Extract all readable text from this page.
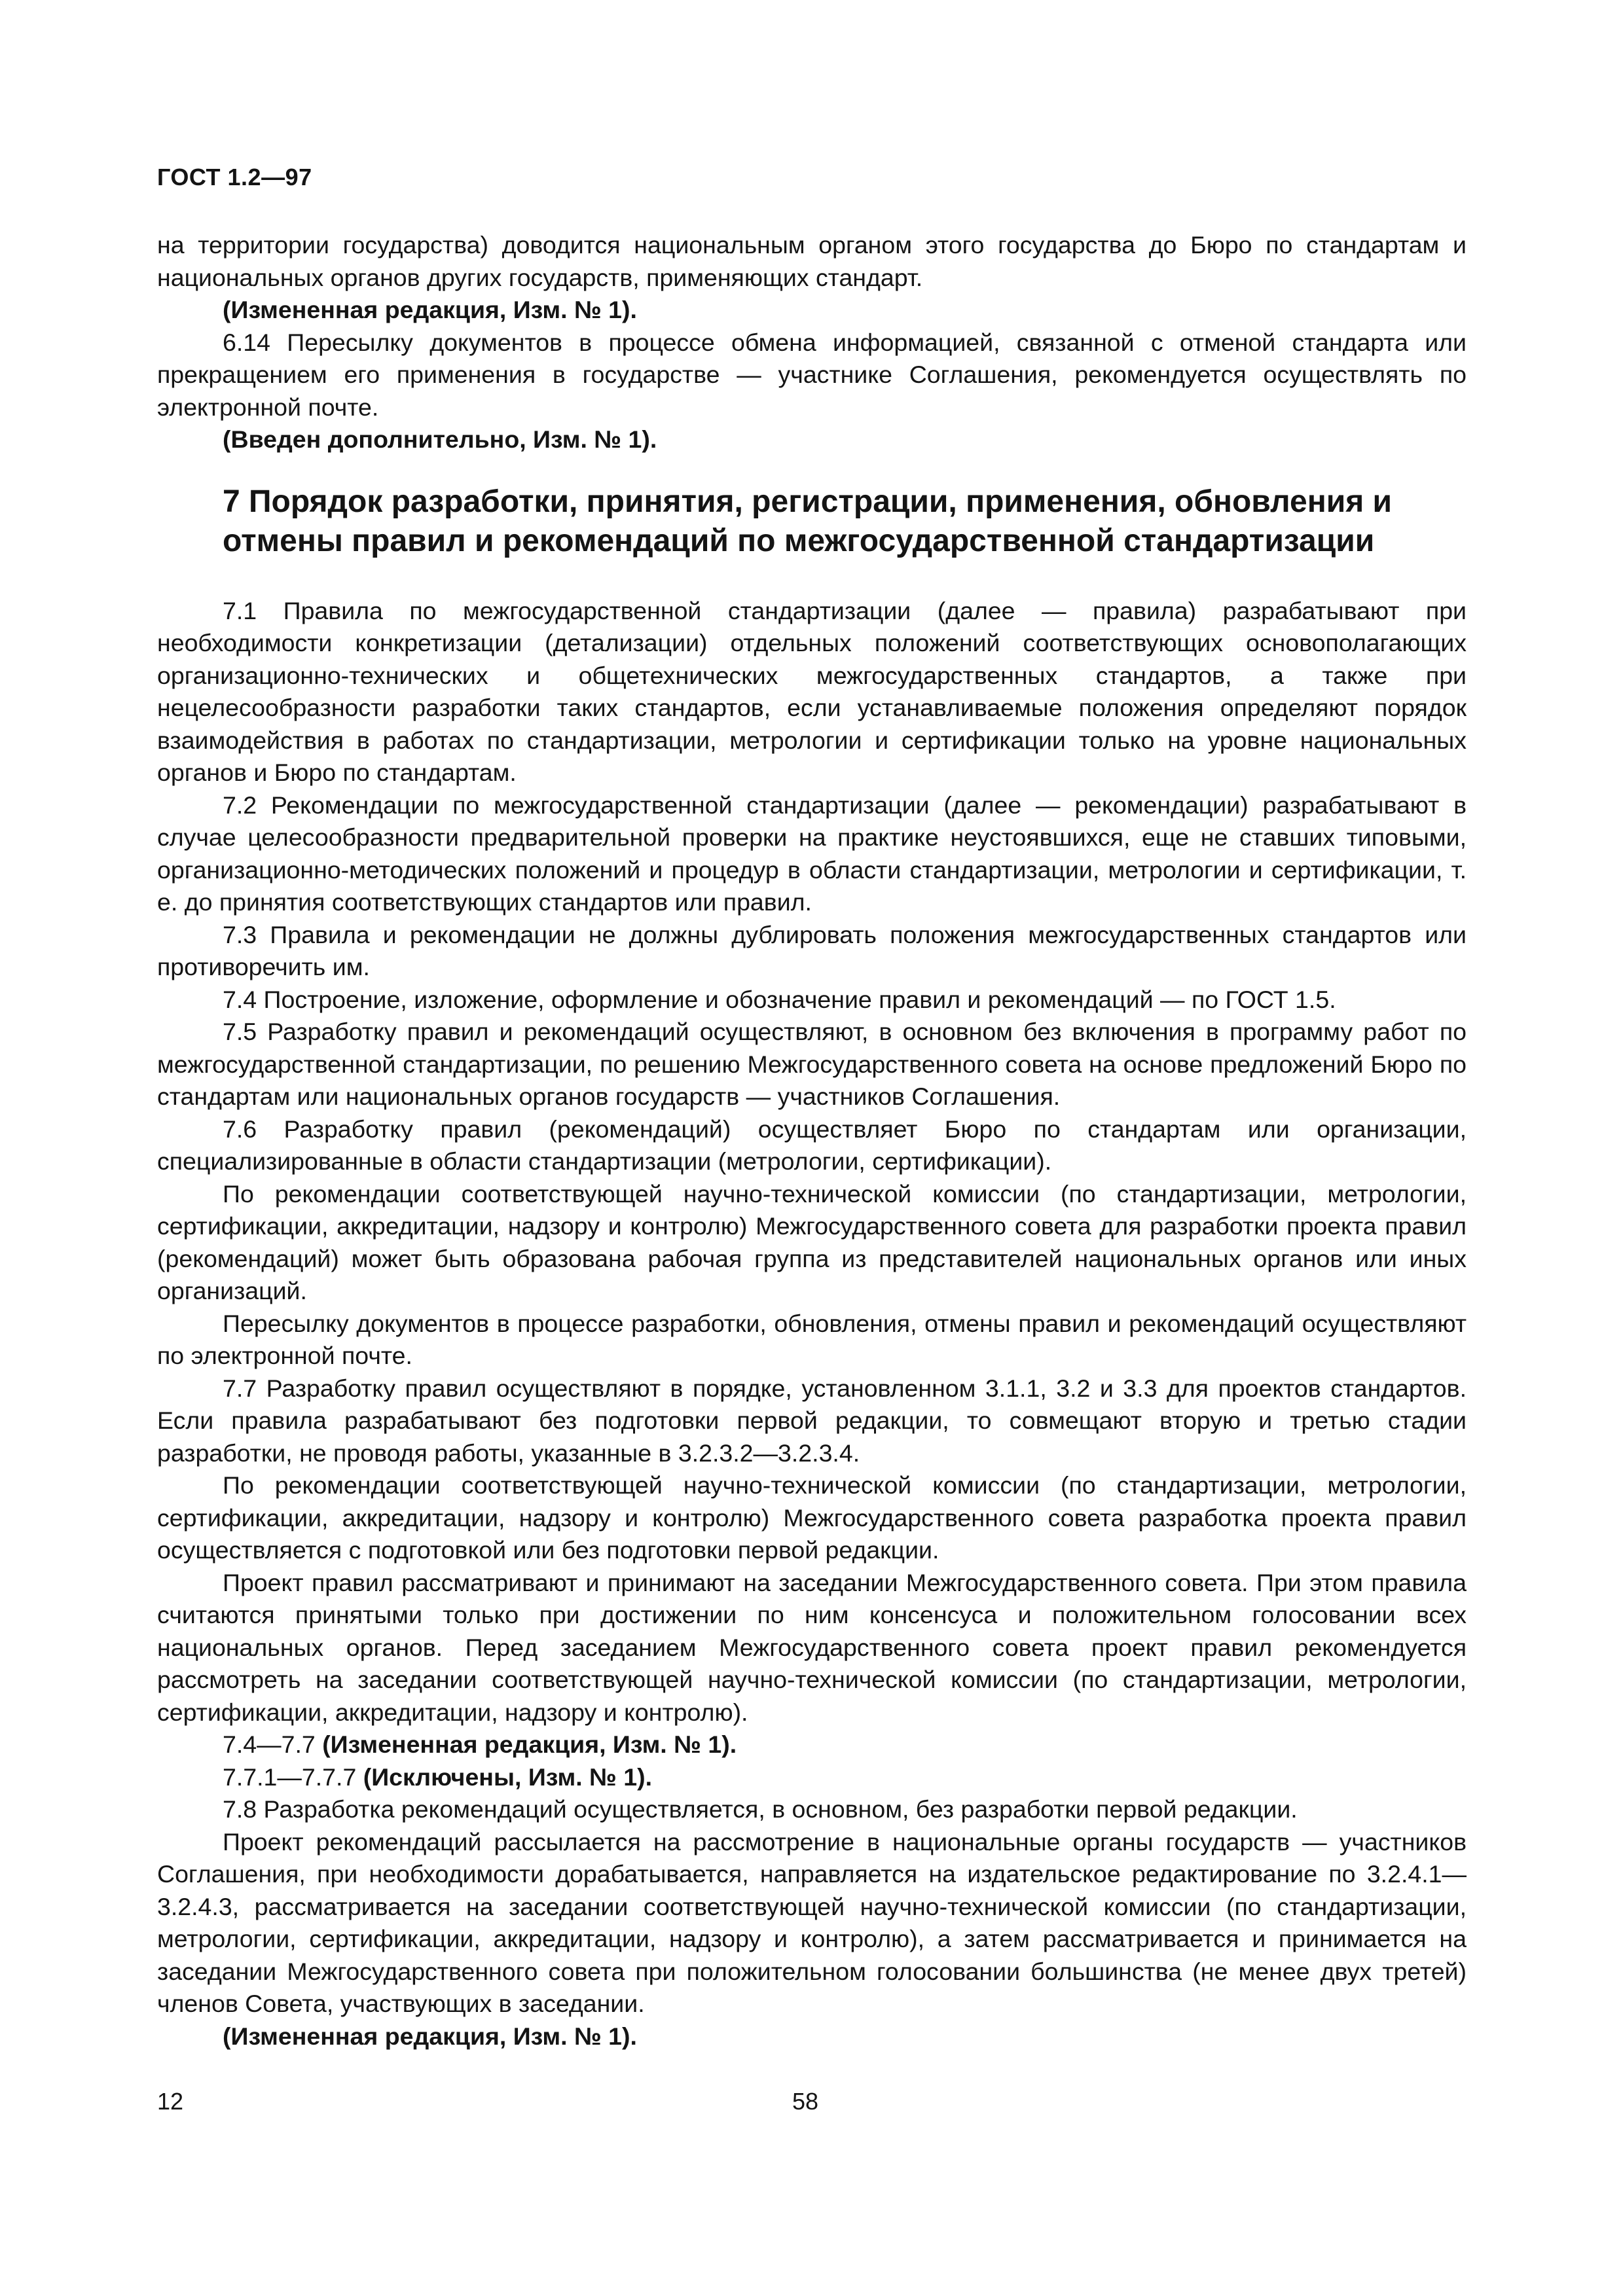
ГОСТ 1.2—97

на территории государства) доводится национальным органом этого государства до Бюро по стандартам и национальных органов других государств, применяющих стандарт.

(Измененная редакция, Изм. № 1).

6.14 Пересылку документов в процессе обмена информацией, связанной с отменой стандарта или прекращением его применения в государстве — участнике Соглашения, рекомендуется осуществлять по электронной почте.

(Введен дополнительно, Изм. № 1).

7 Порядок разработки, принятия, регистрации, применения, обновления и отмены правил и рекомендаций по межгосударственной стандартизации

7.1 Правила по межгосударственной стандартизации (далее — правила) разрабатывают при необходимости конкретизации (детализации) отдельных положений соответствующих основополагающих организационно-технических и общетехнических межгосударственных стандартов, а также при нецелесообразности разработки таких стандартов, если устанавливаемые положения определяют порядок взаимодействия в работах по стандартизации, метрологии и сертификации только на уровне национальных органов и Бюро по стандартам.

7.2 Рекомендации по межгосударственной стандартизации (далее — рекомендации) разрабатывают в случае целесообразности предварительной проверки на практике неустоявшихся, еще не ставших типовыми, организационно-методических положений и процедур в области стандартизации, метрологии и сертификации, т. е. до принятия соответствующих стандартов или правил.

7.3 Правила и рекомендации не должны дублировать положения межгосударственных стандартов или противоречить им.

7.4 Построение, изложение, оформление и обозначение правил и рекомендаций — по ГОСТ 1.5.

7.5 Разработку правил и рекомендаций осуществляют, в основном без включения в программу работ по межгосударственной стандартизации, по решению Межгосударственного совета на основе предложений Бюро по стандартам или национальных органов государств — участников Соглашения.

7.6 Разработку правил (рекомендаций) осуществляет Бюро по стандартам или организации, специализированные в области стандартизации (метрологии, сертификации).

По рекомендации соответствующей научно-технической комиссии (по стандартизации, метрологии, сертификации, аккредитации, надзору и контролю) Межгосударственного совета для разработки проекта правил (рекомендаций) может быть образована рабочая группа из представителей национальных органов или иных организаций.

Пересылку документов в процессе разработки, обновления, отмены правил и рекомендаций осуществляют по электронной почте.

7.7 Разработку правил осуществляют в порядке, установленном 3.1.1, 3.2 и 3.3 для проектов стандартов. Если правила разрабатывают без подготовки первой редакции, то совмещают вторую и третью стадии разработки, не проводя работы, указанные в 3.2.3.2—3.2.3.4.

По рекомендации соответствующей научно-технической комиссии (по стандартизации, метрологии, сертификации, аккредитации, надзору и контролю) Межгосударственного совета разработка проекта правил осуществляется с подготовкой или без подготовки первой редакции.

Проект правил рассматривают и принимают на заседании Межгосударственного совета. При этом правила считаются принятыми только при достижении по ним консенсуса и положительном голосовании всех национальных органов. Перед заседанием Межгосударственного совета проект правил рекомендуется рассмотреть на заседании соответствующей научно-технической комиссии (по стандартизации, метрологии, сертификации, аккредитации, надзору и контролю).

7.4—7.7 (Измененная редакция, Изм. № 1).

7.7.1—7.7.7 (Исключены, Изм. № 1).

7.8 Разработка рекомендаций осуществляется, в основном, без разработки первой редакции.

Проект рекомендаций рассылается на рассмотрение в национальные органы государств — участников Соглашения, при необходимости дорабатывается, направляется на издательское редактирование по 3.2.4.1—3.2.4.3, рассматривается на заседании соответствующей научно-технической комиссии (по стандартизации, метрологии, сертификации, аккредитации, надзору и контролю), а затем рассматривается и принимается на заседании Межгосударственного совета при положительном голосовании большинства (не менее двух третей) членов Совета, участвующих в заседании.

(Измененная редакция, Изм. № 1).

12	58
